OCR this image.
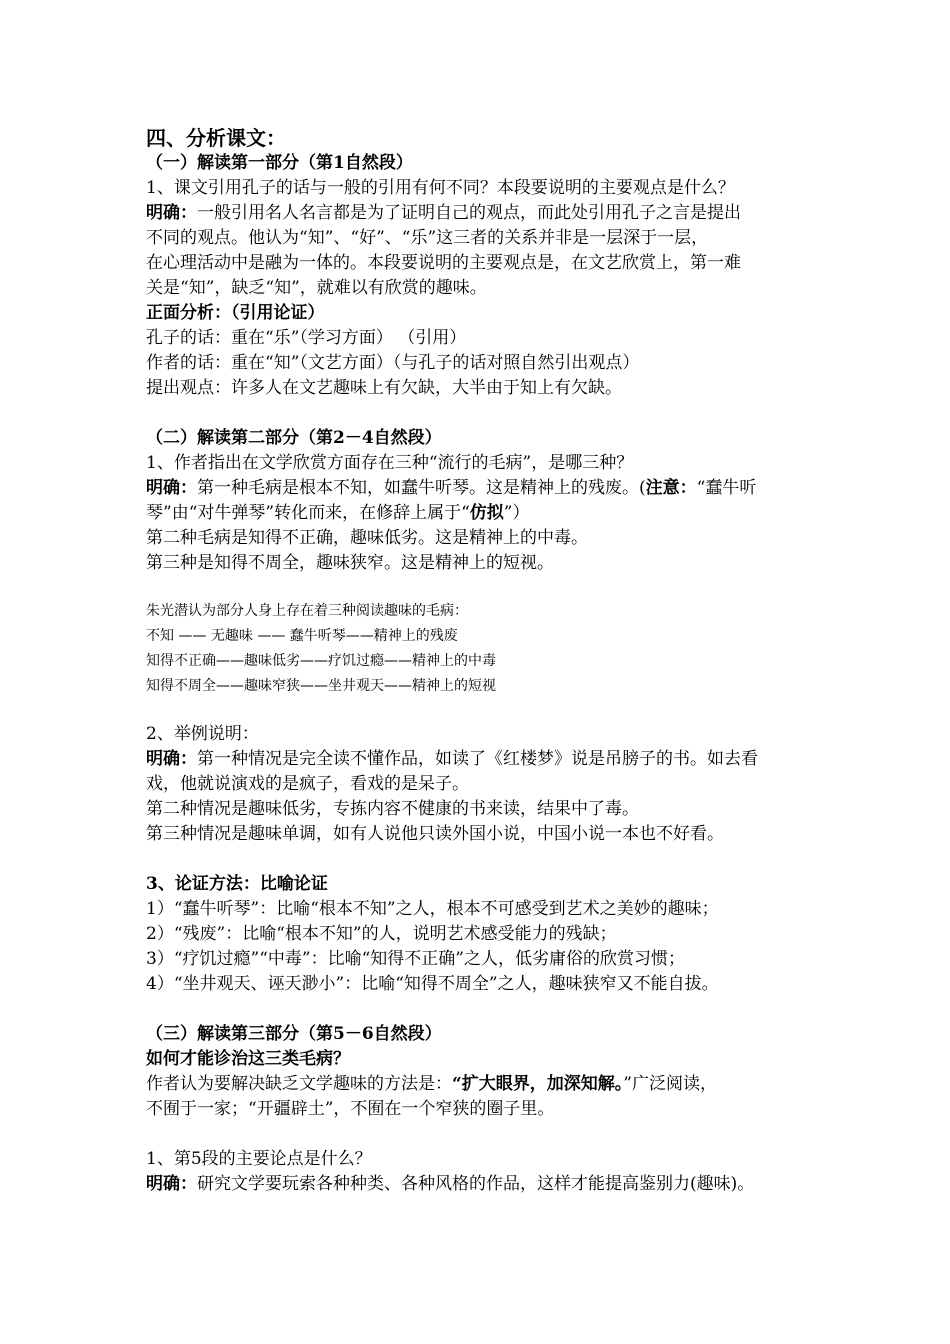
四、分析课文：
（一）解读第一部分（第1自然段）
1、课文引用孔子的话与一般的引用有何不同？本段要说明的主要观点是什么？
明确：一般引用名人名言都是为了证明自己的观点，而此处引用孔子之言是提出
不同的观点。他认为“知”、“好”、“乐”这三者的关系并非是一层深于一层，
在心理活动中是融为一体的。本段要说明的主要观点是，在文艺欣赏上，第一难
关是“知”，缺乏“知”，就难以有欣赏的趣味。
正面分析：（引用论证）
孔子的话：重在“乐”（学习方面） （引用）
作者的话：重在“知”（文艺方面）（与孔子的话对照自然引出观点）
提出观点：许多人在文艺趣味上有欠缺，大半由于知上有欠缺。
（二）解读第二部分（第2－4自然段）
1、作者指出在文学欣赏方面存在三种“流行的毛病”，是哪三种？
明确：第一种毛病是根本不知，如蠢牛听琴。这是精神上的残废。(注意：“蠢牛听
琴”由“对牛弹琴”转化而来，在修辞上属于“仿拟”）
第二种毛病是知得不正确，趣味低劣。这是精神上的中毒。
第三种是知得不周全，趣味狭窄。这是精神上的短视。
朱光潜认为部分人身上存在着三种阅读趣味的毛病：
不知 —— 无趣味 —— 蠢牛听琴——精神上的残废
知得不正确——趣味低劣——疗饥过瘾——精神上的中毒
知得不周全——趣味窄狭——坐井观天——精神上的短视
2、举例说明：
明确：第一种情况是完全读不懂作品，如读了《红楼梦》说是吊膀子的书。如去看
戏，他就说演戏的是疯子，看戏的是呆子。
第二种情况是趣味低劣，专拣内容不健康的书来读，结果中了毒。
第三种情况是趣味单调，如有人说他只读外国小说，中国小说一本也不好看。
3、论证方法：比喻论证
1）“蠢牛听琴”：比喻“根本不知”之人，根本不可感受到艺术之美妙的趣味；
2）“残废”：比喻“根本不知”的人，说明艺术感受能力的残缺；
3）“疗饥过瘾”“中毒”：比喻“知得不正确”之人，低劣庸俗的欣赏习惯；
4）“坐井观天、诬天渺小”：比喻“知得不周全”之人，趣味狭窄又不能自拔。
（三）解读第三部分（第5－6自然段）
如何才能诊治这三类毛病？
作者认为要解决缺乏文学趣味的方法是：“扩大眼界，加深知解。”广泛阅读，
不囿于一家；“开疆辟土”，不囿在一个窄狭的圈子里。
1、第5段的主要论点是什么？
明确：研究文学要玩索各种种类、各种风格的作品，这样才能提高鉴别力(趣味)。
